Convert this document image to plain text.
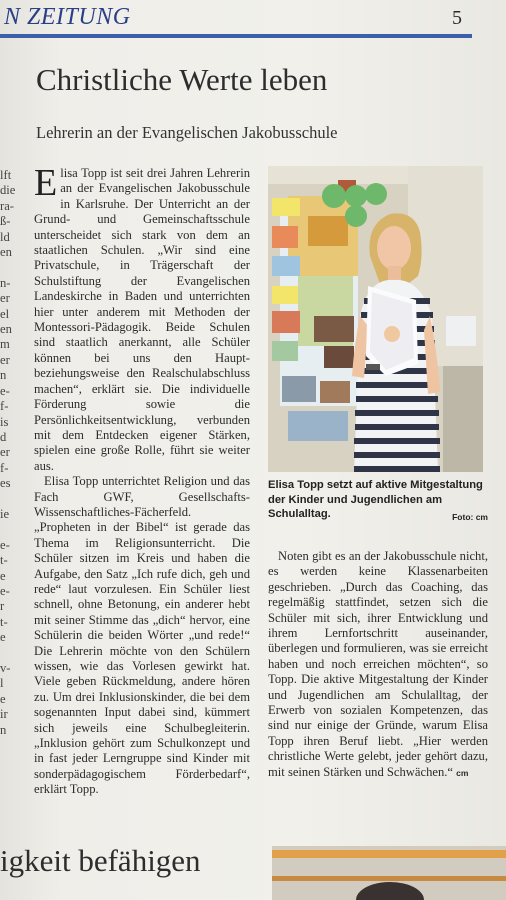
N ZEITUNG	5
Christliche Werte leben
Lehrerin an der Evangelischen Jakobusschule
lft
die
ra-
ß-
ld
en

n-
er
el
en
m
er
n
e-
f-
is
d
er
f-
es

ie

e-
t-
e
e-
r
t-
e

v-
l
e
ir
n

Elisa Topp ist seit drei Jahren Lehrerin an der Evangelischen Jakobusschule in Karlsruhe. Der Unterricht an der Grund- und Gemeinschaftsschule unterscheidet sich stark von dem an staatlichen Schulen. „Wir sind eine Privatschule, in Trägerschaft der Schulstiftung der Evangelischen Landeskirche in Baden und unterrichten hier unter anderem mit Methoden der Montessori-Pädagogik. Beide Schulen sind staatlich anerkannt, alle Schüler können bei uns den Haupt- beziehungsweise den Realschulabschluss machen“, erklärt sie. Die individuelle Förderung sowie die Persönlichkeitsentwicklung, verbunden mit dem Entdecken eigener Stärken, spielen eine große Rolle, führt sie weiter aus.

Elisa Topp unterrichtet Religion und das Fach GWF, Gesellschafts-Wissenschaftliches-Fächerfeld. „Propheten in der Bibel“ ist gerade das Thema im Religionsunterricht. Die Schüler sitzen im Kreis und haben die Aufgabe, den Satz „Ich rufe dich, geh und rede“ laut vorzulesen. Ein Schüler liest schnell, ohne Betonung, ein anderer hebt mit seiner Stimme das „dich“ hervor, eine Schülerin die beiden Wörter „und rede!“ Die Lehrerin möchte von den Schülern wissen, wie das Vorlesen gewirkt hat. Viele geben Rückmeldung, andere hören zu. Um drei Inklusionskinder, die bei dem sogenannten Input dabei sind, kümmert sich jeweils eine Schulbegleiterin. „Inklusion gehört zum Schulkonzept und in fast jeder Lerngruppe sind Kinder mit sonderpädagogischem Förderbedarf“, erklärt Topp.

Elisa Topp setzt auf aktive Mitgestaltung der Kinder und Jugendlichen am Schulalltag.	Foto: cm

Noten gibt es an der Jakobusschule nicht, es werden keine Klassenarbeiten geschrieben. „Durch das Coaching, das regelmäßig stattfindet, setzen sich die Schüler mit sich, ihrer Entwicklung und ihrem Lernfortschritt auseinander, überlegen und formulieren, was sie erreicht haben und noch erreichen möchten“, so Topp. Die aktive Mitgestaltung der Kinder und Jugendlichen am Schulalltag, der Erwerb von sozialen Kompetenzen, das sind nur einige der Gründe, warum Elisa Topp ihren Beruf liebt. „Hier werden christliche Werte gelebt, jeder gehört dazu, mit seinen Stärken und Schwächen.“ cm

igkeit befähigen
